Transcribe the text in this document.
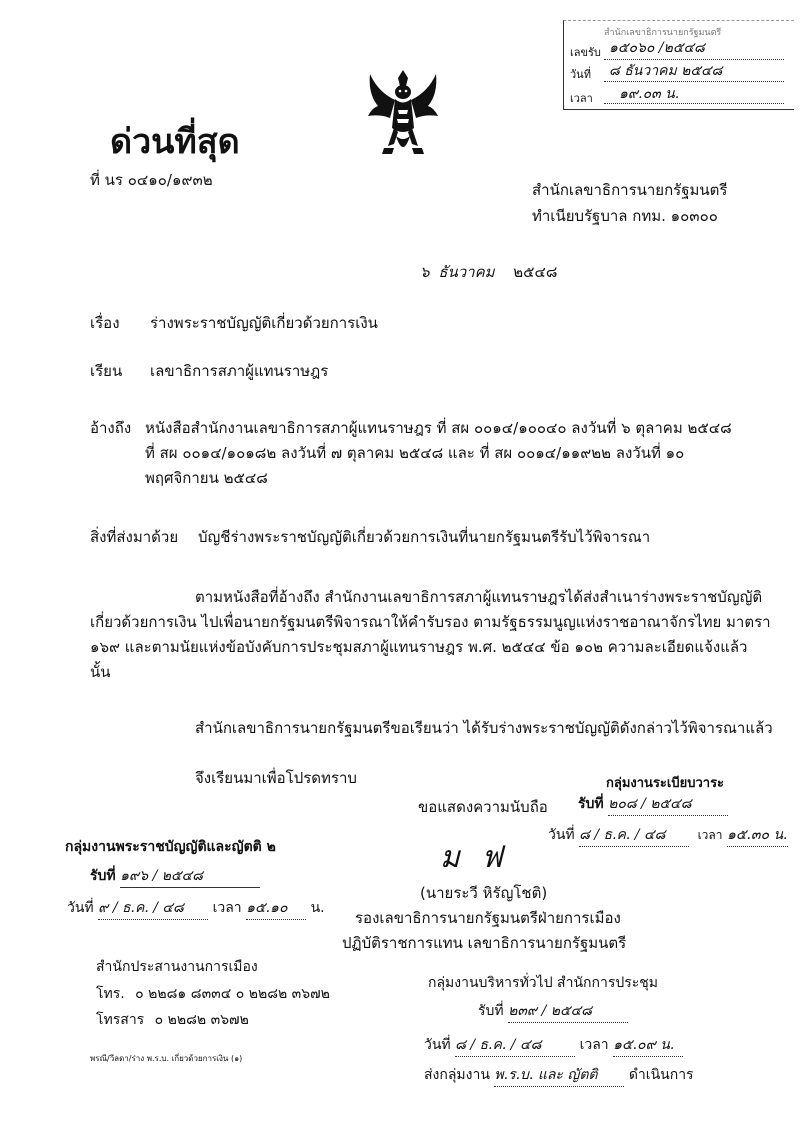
สำนักเลขาธิการนายกรัฐมนตรี
เลขรับ ๑๕๐๖๐ /๒๕๔๘
วันที่ ๘ ธันวาคม ๒๕๔๘
เวลา ๑๙.๐๓ น.
ด่วนที่สุด
ที่ นร ๐๔๑๐/๑๙๓๒
สำนักเลขาธิการนายกรัฐมนตรี
ทำเนียบรัฐบาล กทม. ๑๐๓๐๐
๖ ธันวาคม ๒๕๔๘
เรื่อง ร่างพระราชบัญญัติเกี่ยวด้วยการเงิน
เรียน เลขาธิการสภาผู้แทนราษฎร
อ้างถึง หนังสือสำนักงานเลขาธิการสภาผู้แทนราษฎร ที่ สผ ๐๐๑๔/๑๐๐๔๐ ลงวันที่ ๖ ตุลาคม ๒๕๔๘
ที่ สผ ๐๐๑๔/๑๐๑๘๒ ลงวันที่ ๗ ตุลาคม ๒๕๔๘ และ ที่ สผ ๐๐๑๔/๑๑๙๒๒ ลงวันที่ ๑๐
พฤศจิกายน ๒๕๔๘
สิ่งที่ส่งมาด้วย บัญชีร่างพระราชบัญญัติเกี่ยวด้วยการเงินที่นายกรัฐมนตรีรับไว้พิจารณา
ตามหนังสือที่อ้างถึง สำนักงานเลขาธิการสภาผู้แทนราษฎรได้ส่งสำเนาร่างพระราชบัญญัติ
เกี่ยวด้วยการเงิน ไปเพื่อนายกรัฐมนตรีพิจารณาให้คำรับรอง ตามรัฐธรรมนูญแห่งราชอาณาจักรไทย มาตรา
๑๖๙ และตามนัยแห่งข้อบังคับการประชุมสภาผู้แทนราษฎร พ.ศ. ๒๕๔๔ ข้อ ๑๐๒ ความละเอียดแจ้งแล้ว
นั้น
สำนักเลขาธิการนายกรัฐมนตรีขอเรียนว่า ได้รับร่างพระราชบัญญัติดังกล่าวไว้พิจารณาแล้ว
จึงเรียนมาเพื่อโปรดทราบ	กลุ่มงานระเบียบวาระ
รับที่ ๒๐๘ / ๒๕๔๘
วันที่ ๘ / ธ.ค. / ๔๘	เวลา ๑๕.๓๐ น.
ขอแสดงความนับถือ
ม ฟ
(นายระวี หิรัญโชติ)
รองเลขาธิการนายกรัฐมนตรีฝ่ายการเมือง
ปฏิบัติราชการแทน เลขาธิการนายกรัฐมนตรี
กลุ่มงานพระราชบัญญัติและญัตติ ๒
รับที่ ๑๙๖ / ๒๕๔๘
วันที่ ๙ / ธ.ค. / ๔๘ เวลา ๑๕.๑๐ น.
สำนักประสานงานการเมือง
โทร. ๐ ๒๒๘๑ ๘๓๓๔ ๐ ๒๒๘๒ ๓๖๗๒
โทรสาร ๐ ๒๒๘๒ ๓๖๗๒
พรณี/วีลดา/ร่าง พ.ร.บ. เกี่ยวด้วยการเงิน (๑)
กลุ่มงานบริหารทั่วไป สำนักการประชุม
รับที่ ๒๓๙ / ๒๕๔๘
วันที่ ๘ / ธ.ค. / ๔๘	เวลา ๑๕.๐๙ น.
ส่งกลุ่มงาน พ.ร.บ. และ ญัตติ ดำเนินการ
